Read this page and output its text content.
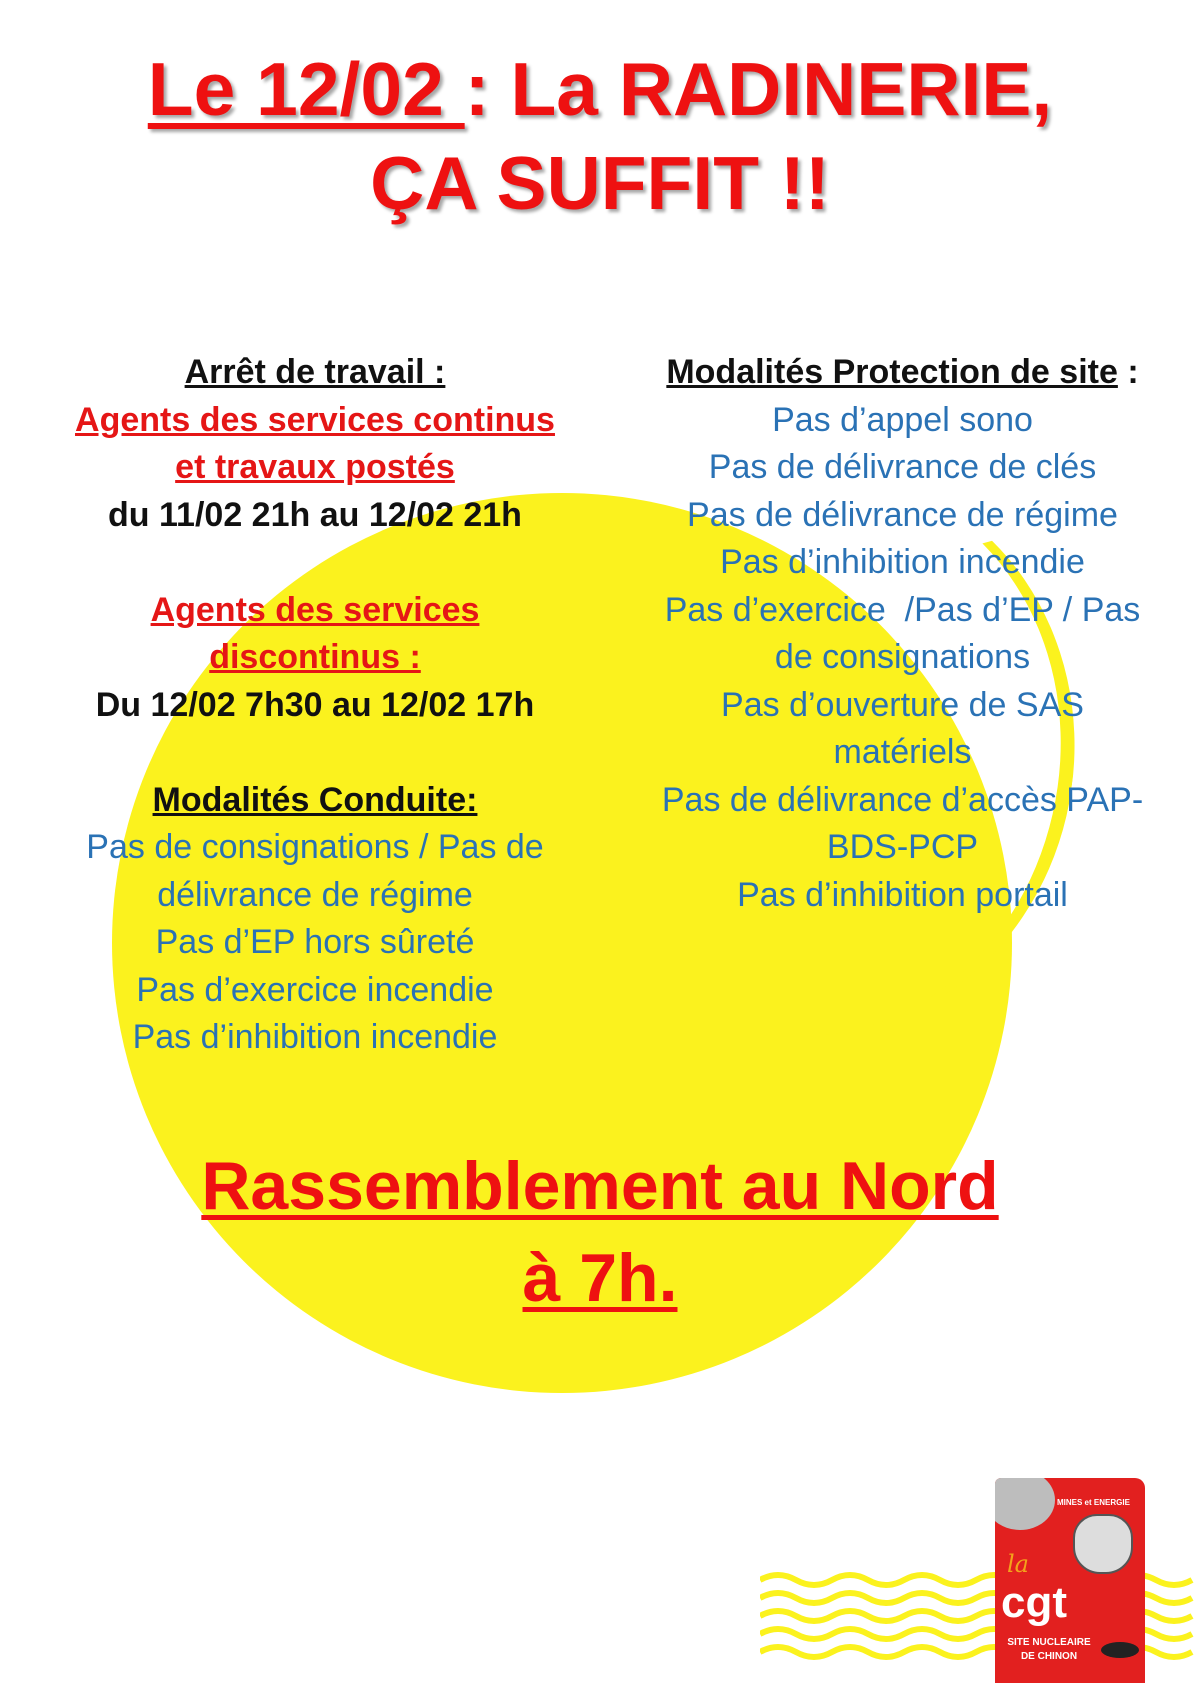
Le 12/02 : La RADINERIE,
ÇA SUFFIT !!
Arrêt de travail :
Agents des services continus
et travaux postés
du 11/02 21h au 12/02 21h
Agents des services
discontinus :
Du 12/02 7h30 au 12/02 17h
Modalités Conduite:
Pas de consignations / Pas de
délivrance de régime
Pas d’EP hors sûreté
Pas d’exercice incendie
Pas d’inhibition incendie
Modalités Protection de site :
Pas d’appel sono
Pas de délivrance de clés
Pas de délivrance de régime
Pas d’inhibition incendie
Pas d’exercice  /Pas d’EP / Pas
de consignations
Pas d’ouverture de SAS
matériels
Pas de délivrance d’accès PAP-
BDS-PCP
Pas d’inhibition portail
Rassemblement au Nord
à 7h.
MINES et ENERGIE
la
cgt
SITE NUCLEAIRE
DE CHINON
